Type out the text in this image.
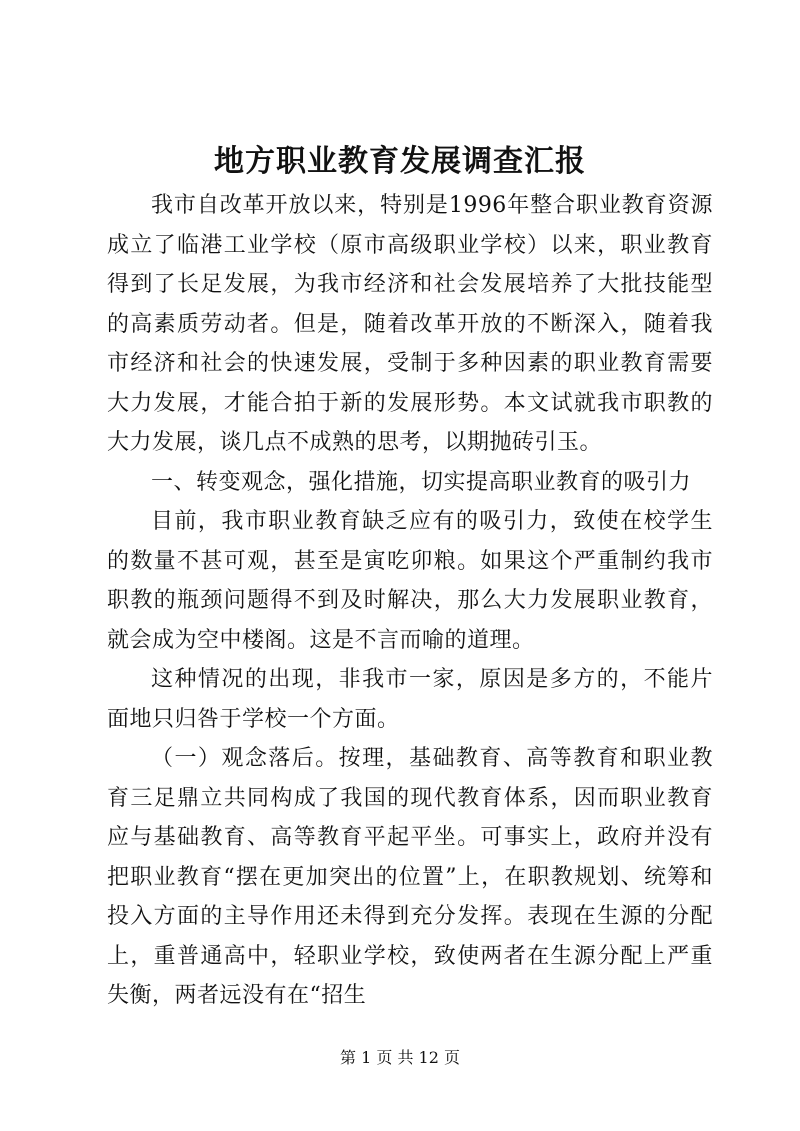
地方职业教育发展调查汇报

我市自改革开放以来，特别是1996年整合职业教育资源成立了临港工业学校（原市高级职业学校）以来，职业教育得到了长足发展，为我市经济和社会发展培养了大批技能型的高素质劳动者。但是，随着改革开放的不断深入，随着我市经济和社会的快速发展，受制于多种因素的职业教育需要大力发展，才能合拍于新的发展形势。本文试就我市职教的大力发展，谈几点不成熟的思考，以期抛砖引玉。

一、转变观念，强化措施，切实提高职业教育的吸引力

目前，我市职业教育缺乏应有的吸引力，致使在校学生的数量不甚可观，甚至是寅吃卯粮。如果这个严重制约我市职教的瓶颈问题得不到及时解决，那么大力发展职业教育，就会成为空中楼阁。这是不言而喻的道理。

这种情况的出现，非我市一家，原因是多方的，不能片面地只归咎于学校一个方面。

（一）观念落后。按理，基础教育、高等教育和职业教育三足鼎立共同构成了我国的现代教育体系，因而职业教育应与基础教育、高等教育平起平坐。可事实上，政府并没有把职业教育“摆在更加突出的位置”上，在职教规划、统筹和投入方面的主导作用还未得到充分发挥。表现在生源的分配上，重普通高中，轻职业学校，致使两者在生源分配上严重失衡，两者远没有在“招生

第 1 页 共 12 页
